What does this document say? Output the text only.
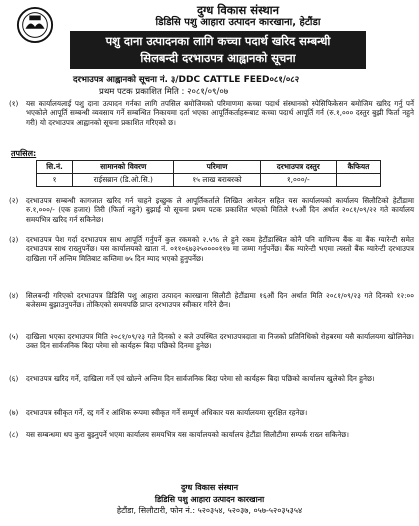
दुग्ध विकास संस्थान
डिडिसि पशु आहारा उत्पादन कारखाना, हेटौंडा
पशु दाना उत्पादनका लागि कच्चा पदार्थ खरिद सम्बन्धी
सिलबन्दी दरभाउपत्र आह्वानको सूचना
दरभाउपत्र आह्वानको सूचना नं. ३/DDC CATTLE FEED०८१/०८२
प्रथम पटक प्रकाशित मिति : २०८१/०९/०७
(१)	यस कार्यालयलाई पशु दाना उत्पादन गर्नका लागि तपसिल बमोजिमको परिमाणमा कच्चा पदार्थ संस्थानको स्पेसिफिकेसन बमोजिम खरिद गर्नु पर्ने भएकोले आपूर्ति सम्बन्धी व्यवसाय गर्ने सम्बन्धित निकायमा दर्ता भएका आपूर्तिकर्ताहरूबाट कच्चा पदार्थ आपूर्ति गर्न (रु.१,००० दस्तुर बुझी फिर्ता नहुने गरी) यो दरभाउपत्र आह्वानको सूचना प्रकाशित गरिएको छ।
तपसिल:
सि.नं.	सामानको विवरण	परिमाण	दरभाउपत्र दस्तुर	कैफियत
१	राईसब्रान (डि.ओ.सि.)	१५ लाख बराबरको	१,०००/-	
(२)	दरभाउपत्र सम्बन्धी कागजात खरिद गर्न चाहने इच्छुक ले आपूर्तिकर्ताले लिखित आवेदन सहित यस कार्यालयको कार्यालय सिलौटिको हेटौंडामा रु.१,०००/- (एक हजार) तिरी (फिर्ता नहुने) बुझाई यो सूचना प्रथम पटक प्रकाशित भएको मितिले १५औं दिन अर्थात २०८१/०९/२२ गते कार्यालय समयभित्र खरिद गर्न सकिनेछ।
(३)	दरभाउपत्र पेश गर्दा दरभाउपत्र साथ आपूर्ति गर्नुपर्ने कुल रकमको २.५% ले हुने रकम हेटौंडास्थित कोनै पनि वाणिज्य बैंक वा बैंक ग्यारेन्टी समेत दरभाउपत्र साथ राख्नुपर्नेछ। यस कार्यालयको खाता नं. ०११०६७३२५००००११७ मा जम्मा गर्नुपर्नेछ। बैंक ग्यारेन्टी भएमा त्यस्तो बैंक ग्यारेन्टी दरभाउपत्र दाखिला गर्ने अन्तिम मितिबाट कम्तिमा ७५ दिन म्याद भएको हुनुपर्नेछ।
(४)	सिलबन्दी गरिएको दरभाउपत्र डिडिसि पशु आहारा उत्पादन कारखाना सिलौटी हेटौंडामा १६औं दिन अर्थात मिति २०८१/०९/२३ गते दिनको १२:०० बजेसम्म बुझाउनुपर्नेछ। तोकिएको समयपछि प्राप्त दरभाउपत्र स्वीकार गरिने छैन।
(५)	दाखिला भएका दरभाउपत्र मिति २०८१/०९/२३ गते दिनको २ बजे उपस्थित दरभाउपत्रदाता वा निजको प्रतिनिधिको रोहबरमा यसै कार्यालयमा खोलिनेछ। उक्त दिन सार्वजनिक बिदा परेमा सो कार्यहरू बिदा पछिको दिनमा हुनेछ।
(६)	दरभाउपत्र खरिद गर्ने, दाखिला गर्ने एवं खोल्ने अन्तिम दिन सार्वजनिक बिदा परेमा सो कार्यहरू बिदा पछिको कार्यालय खुलेको दिन हुनेछ।
(७)	दरभाउपत्र स्वीकृत गर्ने, रद्द गर्ने र आंशिक रूपमा स्वीकृत गर्ने सम्पूर्ण अधिकार यस कार्यालयमा सुरक्षित रहनेछ।
(८)	यस सम्बन्धमा थप कुरा बुझ्नुपर्ने भएमा कार्यालय समयभित्र यस कार्यालयको कार्यालय हेटौंडा सिलौटीमा सम्पर्क राख्न सकिनेछ।
दुग्ध विकास संस्थान
डिडिसि पशु आहारा उत्पादन कारखाना
हेटौंडा, सिलौटारी, फोन नं.: ५२०३५४, ५२०३७, ०५७-५२०३५३५४
